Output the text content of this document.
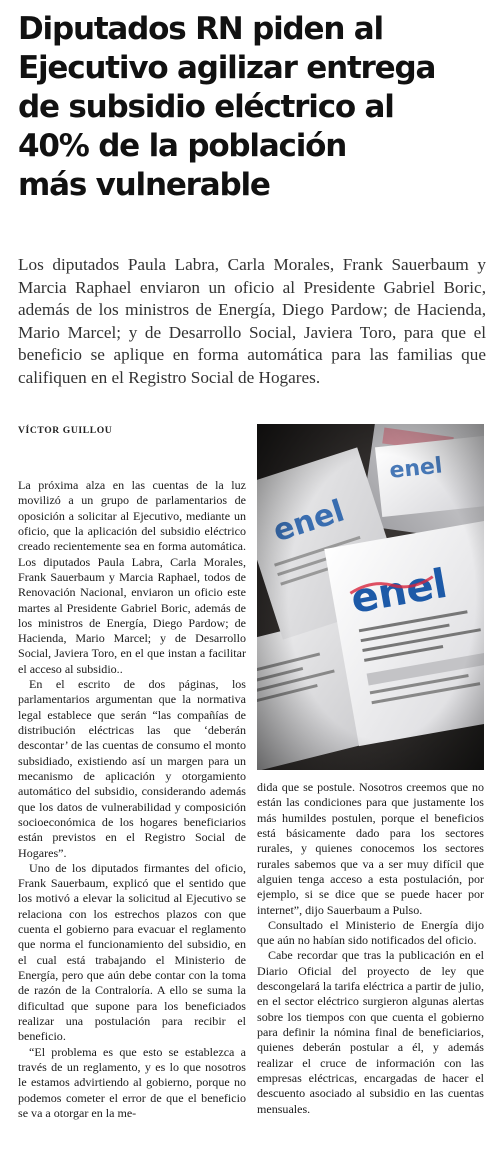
Diputados RN piden al
Ejecutivo agilizar entrega
de subsidio eléctrico al
40% de la población
más vulnerable

Los diputados Paula Labra, Carla Morales, Frank Sauerbaum y Marcia Raphael enviaron un oficio al Presidente Gabriel Boric, además de los ministros de Energía, Diego Pardow; de Hacienda, Mario Marcel; y de Desarrollo Social, Javiera Toro, para que el beneficio se aplique en forma automática para las familias que califiquen en el Registro Social de Hogares.

VÍCTOR GUILLOU

La próxima alza en las cuentas de la luz movilizó a un grupo de parlamentarios de oposición a solicitar al Ejecutivo, mediante un oficio, que la aplicación del subsidio eléctrico creado recientemente sea en forma automática. Los diputados Paula Labra, Carla Morales, Frank Sauerbaum y Marcia Raphael, todos de Renovación Nacional, enviaron un oficio este martes al Presidente Gabriel Boric, además de los ministros de Energía, Diego Pardow; de Hacienda, Mario Marcel; y de Desarrollo Social, Javiera Toro, en el que instan a facilitar el acceso al subsidio..

En el escrito de dos páginas, los parlamentarios argumentan que la normativa legal establece que serán “las compañías de distribución eléctricas las que ‘deberán descontar’ de las cuentas de consumo el monto subsidiado, existiendo así un margen para un mecanismo de aplicación y otorgamiento automático del subsidio, considerando además que los datos de vulnerabilidad y composición socioeconómica de los hogares beneficiarios están previstos en el Registro Social de Hogares”.

Uno de los diputados firmantes del oficio, Frank Sauerbaum, explicó que el sentido que los motivó a elevar la solicitud al Ejecutivo se relaciona con los estrechos plazos con que cuenta el gobierno para evacuar el reglamento que norma el funcionamiento del subsidio, en el cual está trabajando el Ministerio de Energía, pero que aún debe contar con la toma de razón de la Contraloría. A ello se suma la dificultad que supone para los beneficiados realizar una postulación para recibir el beneficio.

“El problema es que esto se establezca a través de un reglamento, y es lo que nosotros le estamos advirtiendo al gobierno, porque no podemos cometer el error de que el beneficio se va a otorgar en la me-

dida que se postule. Nosotros creemos que no están las condiciones para que justamente los más humildes postulen, porque el beneficios está básicamente dado para los sectores rurales, y quienes conocemos los sectores rurales sabemos que va a ser muy difícil que alguien tenga acceso a esta postulación, por ejemplo, si se dice que se puede hacer por internet”, dijo Sauerbaum a Pulso.

Consultado el Ministerio de Energía dijo que aún no habían sido notificados del oficio.

Cabe recordar que tras la publicación en el Diario Oficial del proyecto de ley que descongelará la tarifa eléctrica a partir de julio, en el sector eléctrico surgieron algunas alertas sobre los tiempos con que cuenta el gobierno para definir la nómina final de beneficiarios, quienes deberán postular a él, y además realizar el cruce de información con las empresas eléctricas, encargadas de hacer el descuento asociado al subsidio en las cuentas mensuales.
